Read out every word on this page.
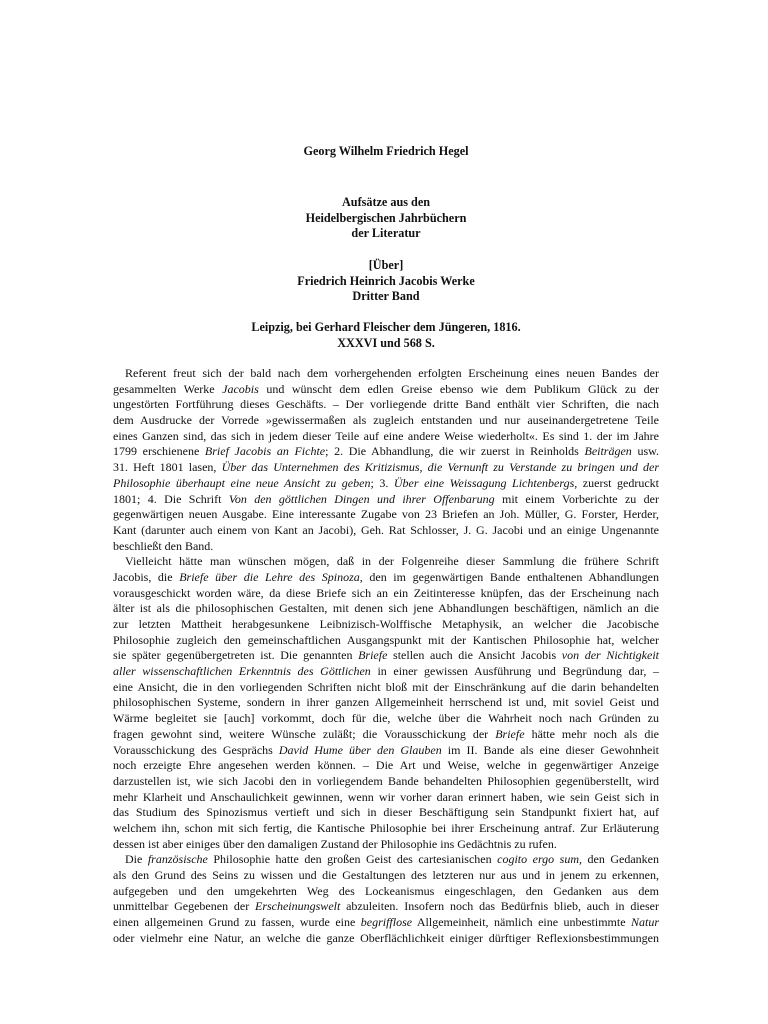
Georg Wilhelm Friedrich Hegel
Aufsätze aus den
Heidelbergischen Jahrbüchern
der Literatur
[Über]
Friedrich Heinrich Jacobis Werke
Dritter Band
Leipzig, bei Gerhard Fleischer dem Jüngeren, 1816.
XXXVI und 568 S.
Referent freut sich der bald nach dem vorhergehenden erfolgten Erscheinung eines neuen Bandes der
gesammelten Werke Jacobis und wünscht dem edlen Greise ebenso wie dem Publikum Glück zu der
ungestörten Fortführung dieses Geschäfts. – Der vorliegende dritte Band enthält vier Schriften, die nach
dem Ausdrucke der Vorrede »gewissermaßen als zugleich entstanden und nur auseinandergetretene Teile
eines Ganzen sind, das sich in jedem dieser Teile auf eine andere Weise wiederholt«. Es sind 1. der im Jahre
1799 erschienene Brief Jacobis an Fichte; 2. Die Abhandlung, die wir zuerst in Reinholds Beiträgen usw.
31. Heft 1801 lasen, Über das Unternehmen des Kritizismus, die Vernunft zu Verstande zu bringen und der
Philosophie überhaupt eine neue Ansicht zu geben; 3. Über eine Weissagung Lichtenbergs, zuerst gedruckt
1801; 4. Die Schrift Von den göttlichen Dingen und ihrer Offenbarung mit einem Vorberichte zu der
gegenwärtigen neuen Ausgabe. Eine interessante Zugabe von 23 Briefen an Joh. Müller, G. Forster, Herder,
Kant (darunter auch einem von Kant an Jacobi), Geh. Rat Schlosser, J. G. Jacobi und an einige Ungenannte
beschließt den Band.
Vielleicht hätte man wünschen mögen, daß in der Folgenreihe dieser Sammlung die frühere Schrift
Jacobis, die Briefe über die Lehre des Spinoza, den im gegenwärtigen Bande enthaltenen Abhandlungen
vorausgeschickt worden wäre, da diese Briefe sich an ein Zeitinteresse knüpfen, das der Erscheinung nach
älter ist als die philosophischen Gestalten, mit denen sich jene Abhandlungen beschäftigen, nämlich an die
zur letzten Mattheit herabgesunkene Leibnizisch-Wolffische Metaphysik, an welcher die Jacobische
Philosophie zugleich den gemeinschaftlichen Ausgangspunkt mit der Kantischen Philosophie hat, welcher
sie später gegenübergetreten ist. Die genannten Briefe stellen auch die Ansicht Jacobis von der Nichtigkeit
aller wissenschaftlichen Erkenntnis des Göttlichen in einer gewissen Ausführung und Begründung dar, –
eine Ansicht, die in den vorliegenden Schriften nicht bloß mit der Einschränkung auf die darin behandelten
philosophischen Systeme, sondern in ihrer ganzen Allgemeinheit herrschend ist und, mit soviel Geist und
Wärme begleitet sie [auch] vorkommt, doch für die, welche über die Wahrheit noch nach Gründen zu
fragen gewohnt sind, weitere Wünsche zuläßt; die Vorausschickung der Briefe hätte mehr noch als die
Vorausschickung des Gesprächs David Hume über den Glauben im II. Bande als eine dieser Gewohnheit
noch erzeigte Ehre angesehen werden können. – Die Art und Weise, welche in gegenwärtiger Anzeige
darzustellen ist, wie sich Jacobi den in vorliegendem Bande behandelten Philosophien gegenüberstellt, wird
mehr Klarheit und Anschaulichkeit gewinnen, wenn wir vorher daran erinnert haben, wie sein Geist sich in
das Studium des Spinozismus vertieft und sich in dieser Beschäftigung sein Standpunkt fixiert hat, auf
welchem ihn, schon mit sich fertig, die Kantische Philosophie bei ihrer Erscheinung antraf. Zur Erläuterung
dessen ist aber einiges über den damaligen Zustand der Philosophie ins Gedächtnis zu rufen.
Die französische Philosophie hatte den großen Geist des cartesianischen cogito ergo sum, den Gedanken
als den Grund des Seins zu wissen und die Gestaltungen des letzteren nur aus und in jenem zu erkennen,
aufgegeben und den umgekehrten Weg des Lockeanismus eingeschlagen, den Gedanken aus dem
unmittelbar Gegebenen der Erscheinungswelt abzuleiten. Insofern noch das Bedürfnis blieb, auch in dieser
einen allgemeinen Grund zu fassen, wurde eine begrifflose Allgemeinheit, nämlich eine unbestimmte Natur
oder vielmehr eine Natur, an welche die ganze Oberflächlichkeit einiger dürftiger Reflexionsbestimmungen
